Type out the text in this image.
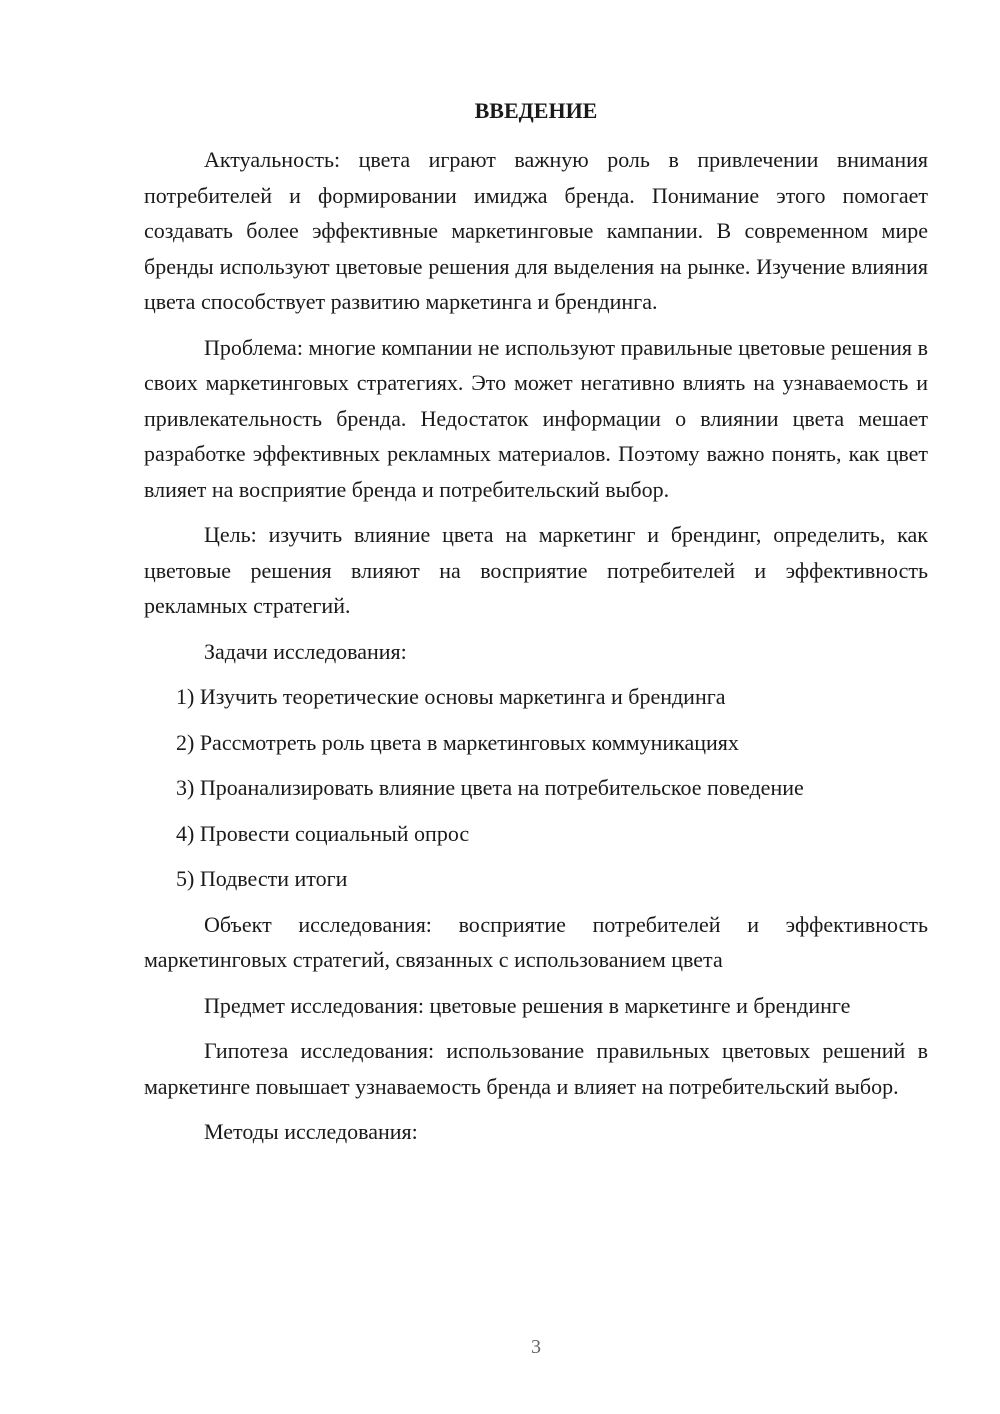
ВВЕДЕНИЕ

Актуальность: цвета играют важную роль в привлечении внимания потребителей и формировании имиджа бренда. Понимание этого помогает создавать более эффективные маркетинговые кампании. В современном мире бренды используют цветовые решения для выделения на рынке. Изучение влияния цвета способствует развитию маркетинга и брендинга.

Проблема: многие компании не используют правильные цветовые решения в своих маркетинговых стратегиях. Это может негативно влиять на узнаваемость и привлекательность бренда. Недостаток информации о влиянии цвета мешает разработке эффективных рекламных материалов. Поэтому важно понять, как цвет влияет на восприятие бренда и потребительский выбор.

Цель: изучить влияние цвета на маркетинг и брендинг, определить, как цветовые решения влияют на восприятие потребителей и эффективность рекламных стратегий.

Задачи исследования:

1) Изучить теоретические основы маркетинга и брендинга
2) Рассмотреть роль цвета в маркетинговых коммуникациях
3) Проанализировать влияние цвета на потребительское поведение
4) Провести социальный опрос
5) Подвести итоги

Объект исследования: восприятие потребителей и эффективность маркетинговых стратегий, связанных с использованием цвета

Предмет исследования: цветовые решения в маркетинге и брендинге

Гипотеза исследования: использование правильных цветовых решений в маркетинге повышает узнаваемость бренда и влияет на потребительский выбор.

Методы исследования:

3
